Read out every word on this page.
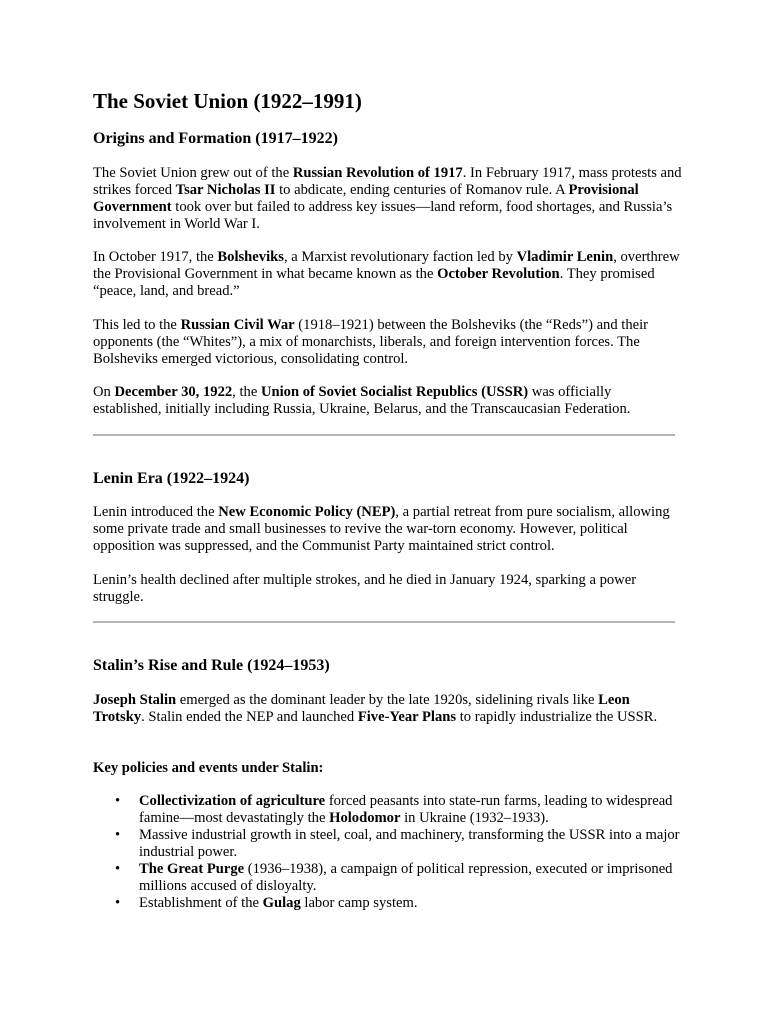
The Soviet Union (1922–1991)
Origins and Formation (1917–1922)

The Soviet Union grew out of the Russian Revolution of 1917. In February 1917, mass protests and strikes forced Tsar Nicholas II to abdicate, ending centuries of Romanov rule. A Provisional Government took over but failed to address key issues—land reform, food shortages, and Russia’s involvement in World War I.

In October 1917, the Bolsheviks, a Marxist revolutionary faction led by Vladimir Lenin, overthrew the Provisional Government in what became known as the October Revolution. They promised “peace, land, and bread.”

This led to the Russian Civil War (1918–1921) between the Bolsheviks (the “Reds”) and their opponents (the “Whites”), a mix of monarchists, liberals, and foreign intervention forces. The Bolsheviks emerged victorious, consolidating control.

On December 30, 1922, the Union of Soviet Socialist Republics (USSR) was officially established, initially including Russia, Ukraine, Belarus, and the Transcaucasian Federation.

Lenin Era (1922–1924)

Lenin introduced the New Economic Policy (NEP), a partial retreat from pure socialism, allowing some private trade and small businesses to revive the war-torn economy. However, political opposition was suppressed, and the Communist Party maintained strict control.

Lenin’s health declined after multiple strokes, and he died in January 1924, sparking a power struggle.

Stalin’s Rise and Rule (1924–1953)

Joseph Stalin emerged as the dominant leader by the late 1920s, sidelining rivals like Leon Trotsky. Stalin ended the NEP and launched Five-Year Plans to rapidly industrialize the USSR.

Key policies and events under Stalin:

• Collectivization of agriculture forced peasants into state-run farms, leading to widespread famine—most devastatingly the Holodomor in Ukraine (1932–1933).
• Massive industrial growth in steel, coal, and machinery, transforming the USSR into a major industrial power.
• The Great Purge (1936–1938), a campaign of political repression, executed or imprisoned millions accused of disloyalty.
• Establishment of the Gulag labor camp system.
